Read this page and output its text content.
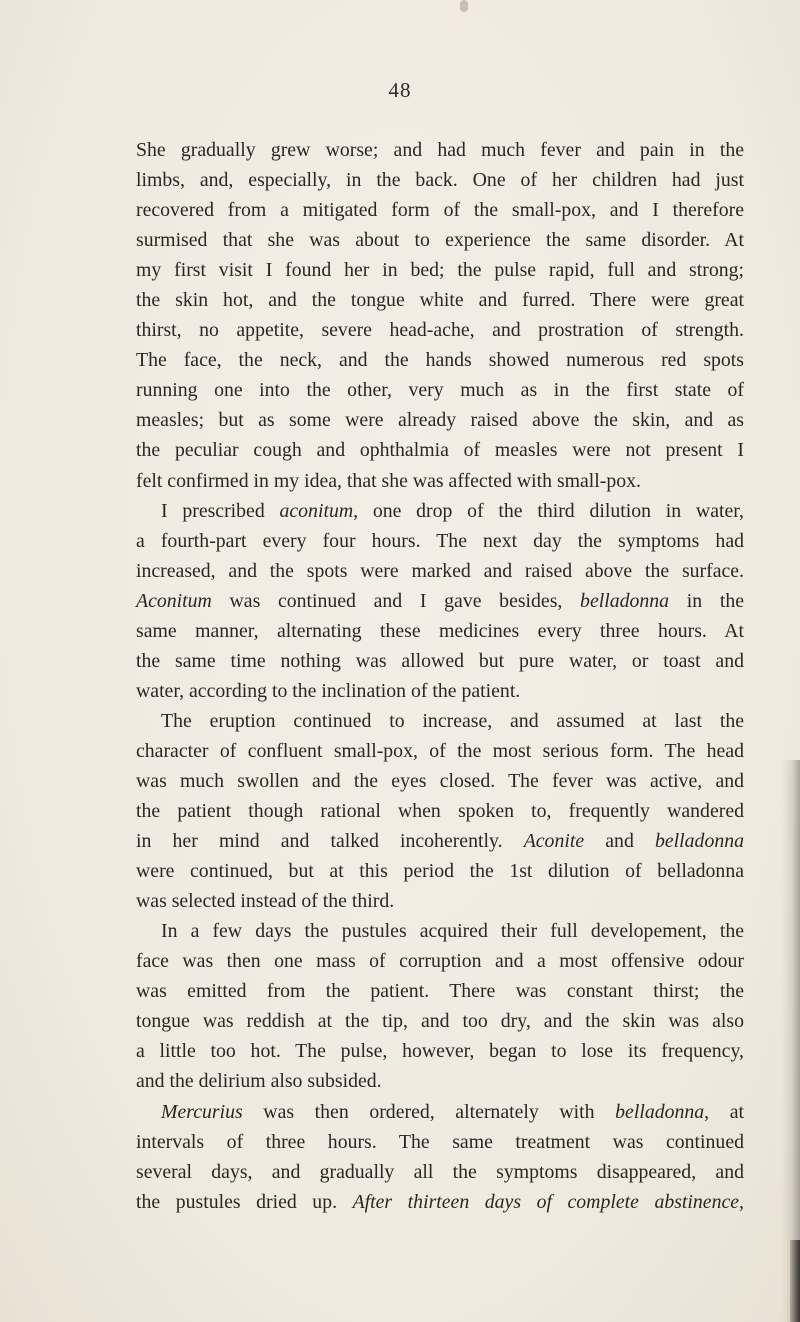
48
She gradually grew worse; and had much fever and pain in the
limbs, and, especially, in the back. One of her children had just
recovered from a mitigated form of the small-pox, and I therefore
surmised that she was about to experience the same disorder. At
my first visit I found her in bed; the pulse rapid, full and strong;
the skin hot, and the tongue white and furred. There were great
thirst, no appetite, severe head-ache, and prostration of strength.
The face, the neck, and the hands showed numerous red spots
running one into the other, very much as in the first state of
measles; but as some were already raised above the skin, and as
the peculiar cough and ophthalmia of measles were not present I
felt confirmed in my idea, that she was affected with small-pox.
I prescribed aconitum, one drop of the third dilution in water,
a fourth-part every four hours. The next day the symptoms had
increased, and the spots were marked and raised above the surface.
Aconitum was continued and I gave besides, belladonna in the
same manner, alternating these medicines every three hours. At
the same time nothing was allowed but pure water, or toast and
water, according to the inclination of the patient.
The eruption continued to increase, and assumed at last the
character of confluent small-pox, of the most serious form. The head
was much swollen and the eyes closed. The fever was active, and
the patient though rational when spoken to, frequently wandered
in her mind and talked incoherently. Aconite and belladonna
were continued, but at this period the 1st dilution of belladonna
was selected instead of the third.
In a few days the pustules acquired their full developement, the
face was then one mass of corruption and a most offensive odour
was emitted from the patient. There was constant thirst; the
tongue was reddish at the tip, and too dry, and the skin was also
a little too hot. The pulse, however, began to lose its frequency,
and the delirium also subsided.
Mercurius was then ordered, alternately with belladonna, at
intervals of three hours. The same treatment was continued
several days, and gradually all the symptoms disappeared, and
the pustules dried up. After thirteen days of complete abstinence,
